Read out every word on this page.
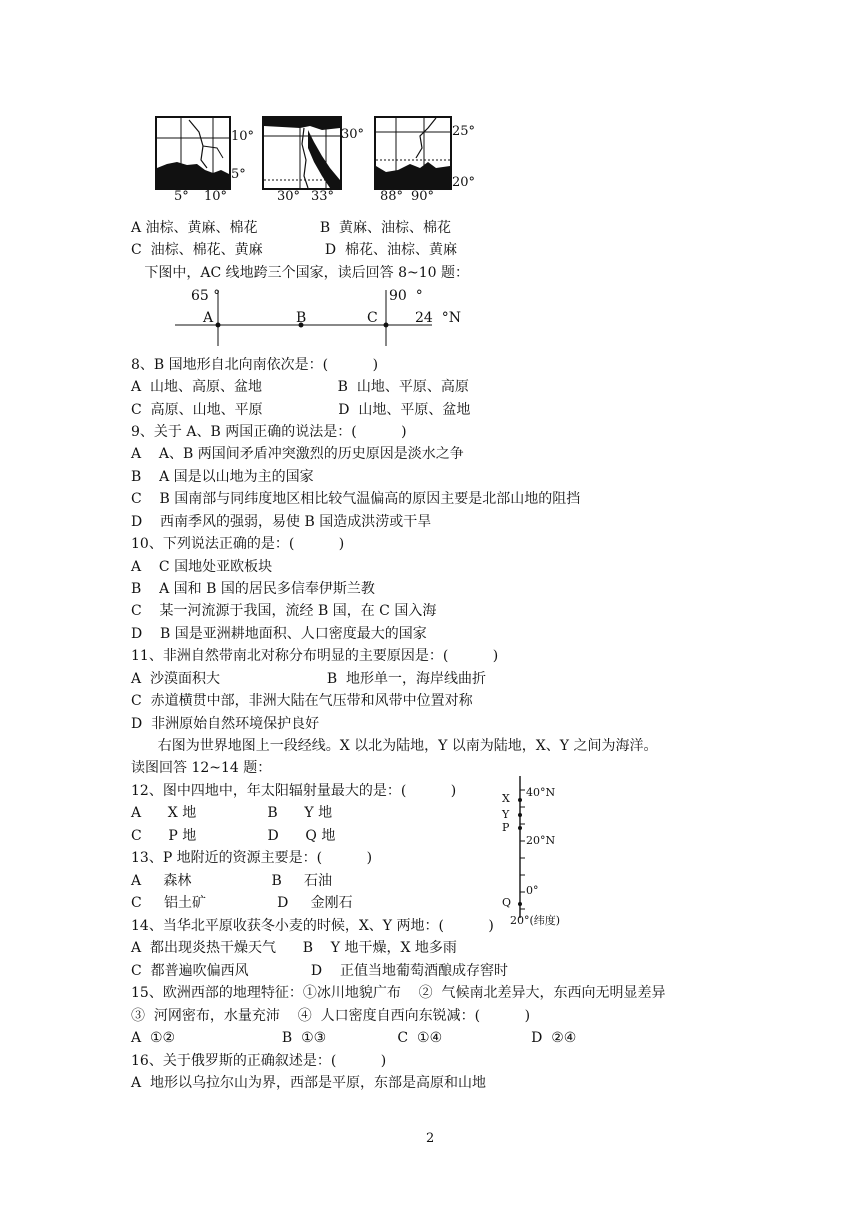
10°
5°
5° 10°
30°
30° 33°
25°
20°
88° 90°
A 油棕、黄麻、棉花              B  黄麻、油棕、棉花
C  油棕、棉花、黄麻              D  棉花、油棕、黄麻
下图中，AC 线地跨三个国家，读后回答 8~10 题：
65 °	90  °
A	B	C	24  °N
8、B 国地形自北向南依次是：(          )
A  山地、高原、盆地                 B  山地、平原、高原
C  高原、山地、平原                 D  山地、平原、盆地
9、关于 A、B 两国正确的说法是：(          )
A    A、B 两国间矛盾冲突激烈的历史原因是淡水之争
B    A 国是以山地为主的国家
C    B 国南部与同纬度地区相比较气温偏高的原因主要是北部山地的阻挡
D    西南季风的强弱，易使 B 国造成洪涝或干旱
10、下列说法正确的是：(          )
A    C 国地处亚欧板块
B    A 国和 B 国的居民多信奉伊斯兰教
C    某一河流源于我国，流经 B 国，在 C 国入海
D    B 国是亚洲耕地面积、人口密度最大的国家
11、非洲自然带南北对称分布明显的主要原因是：(          )
A  沙漠面积大                        B  地形单一，海岸线曲折
C  赤道横贯中部，非洲大陆在气压带和风带中位置对称
D  非洲原始自然环境保护良好
右图为世界地图上一段经线。X 以北为陆地，Y 以南为陆地，X、Y 之间为海洋。
读图回答 12~14 题：
12、图中四地中，年太阳辐射量最大的是：(          )
A      X 地                B      Y 地
C      P 地                D      Q 地
13、P 地附近的资源主要是：(          )
A     森林                  B     石油
C     铝土矿                D     金刚石
14、当华北平原收获冬小麦的时候，X、Y 两地：(          )
A  都出现炎热干燥天气      B    Y 地干燥，X 地多雨
C  都普遍吹偏西风              D    正值当地葡萄酒酿成存窖时
15、欧洲西部的地理特征：①冰川地貌广布    ②  气候南北差异大，东西向无明显差异
③  河网密布，水量充沛    ④  人口密度自西向东锐减：(          )
A  ①②                        B  ①③                C  ①④                    D  ②④
16、关于俄罗斯的正确叙述是：(          )
A  地形以乌拉尔山为界，西部是平原，东部是高原和山地
40°N
20°N
0°
20°(纬度)
X
Y
P
Q
2
